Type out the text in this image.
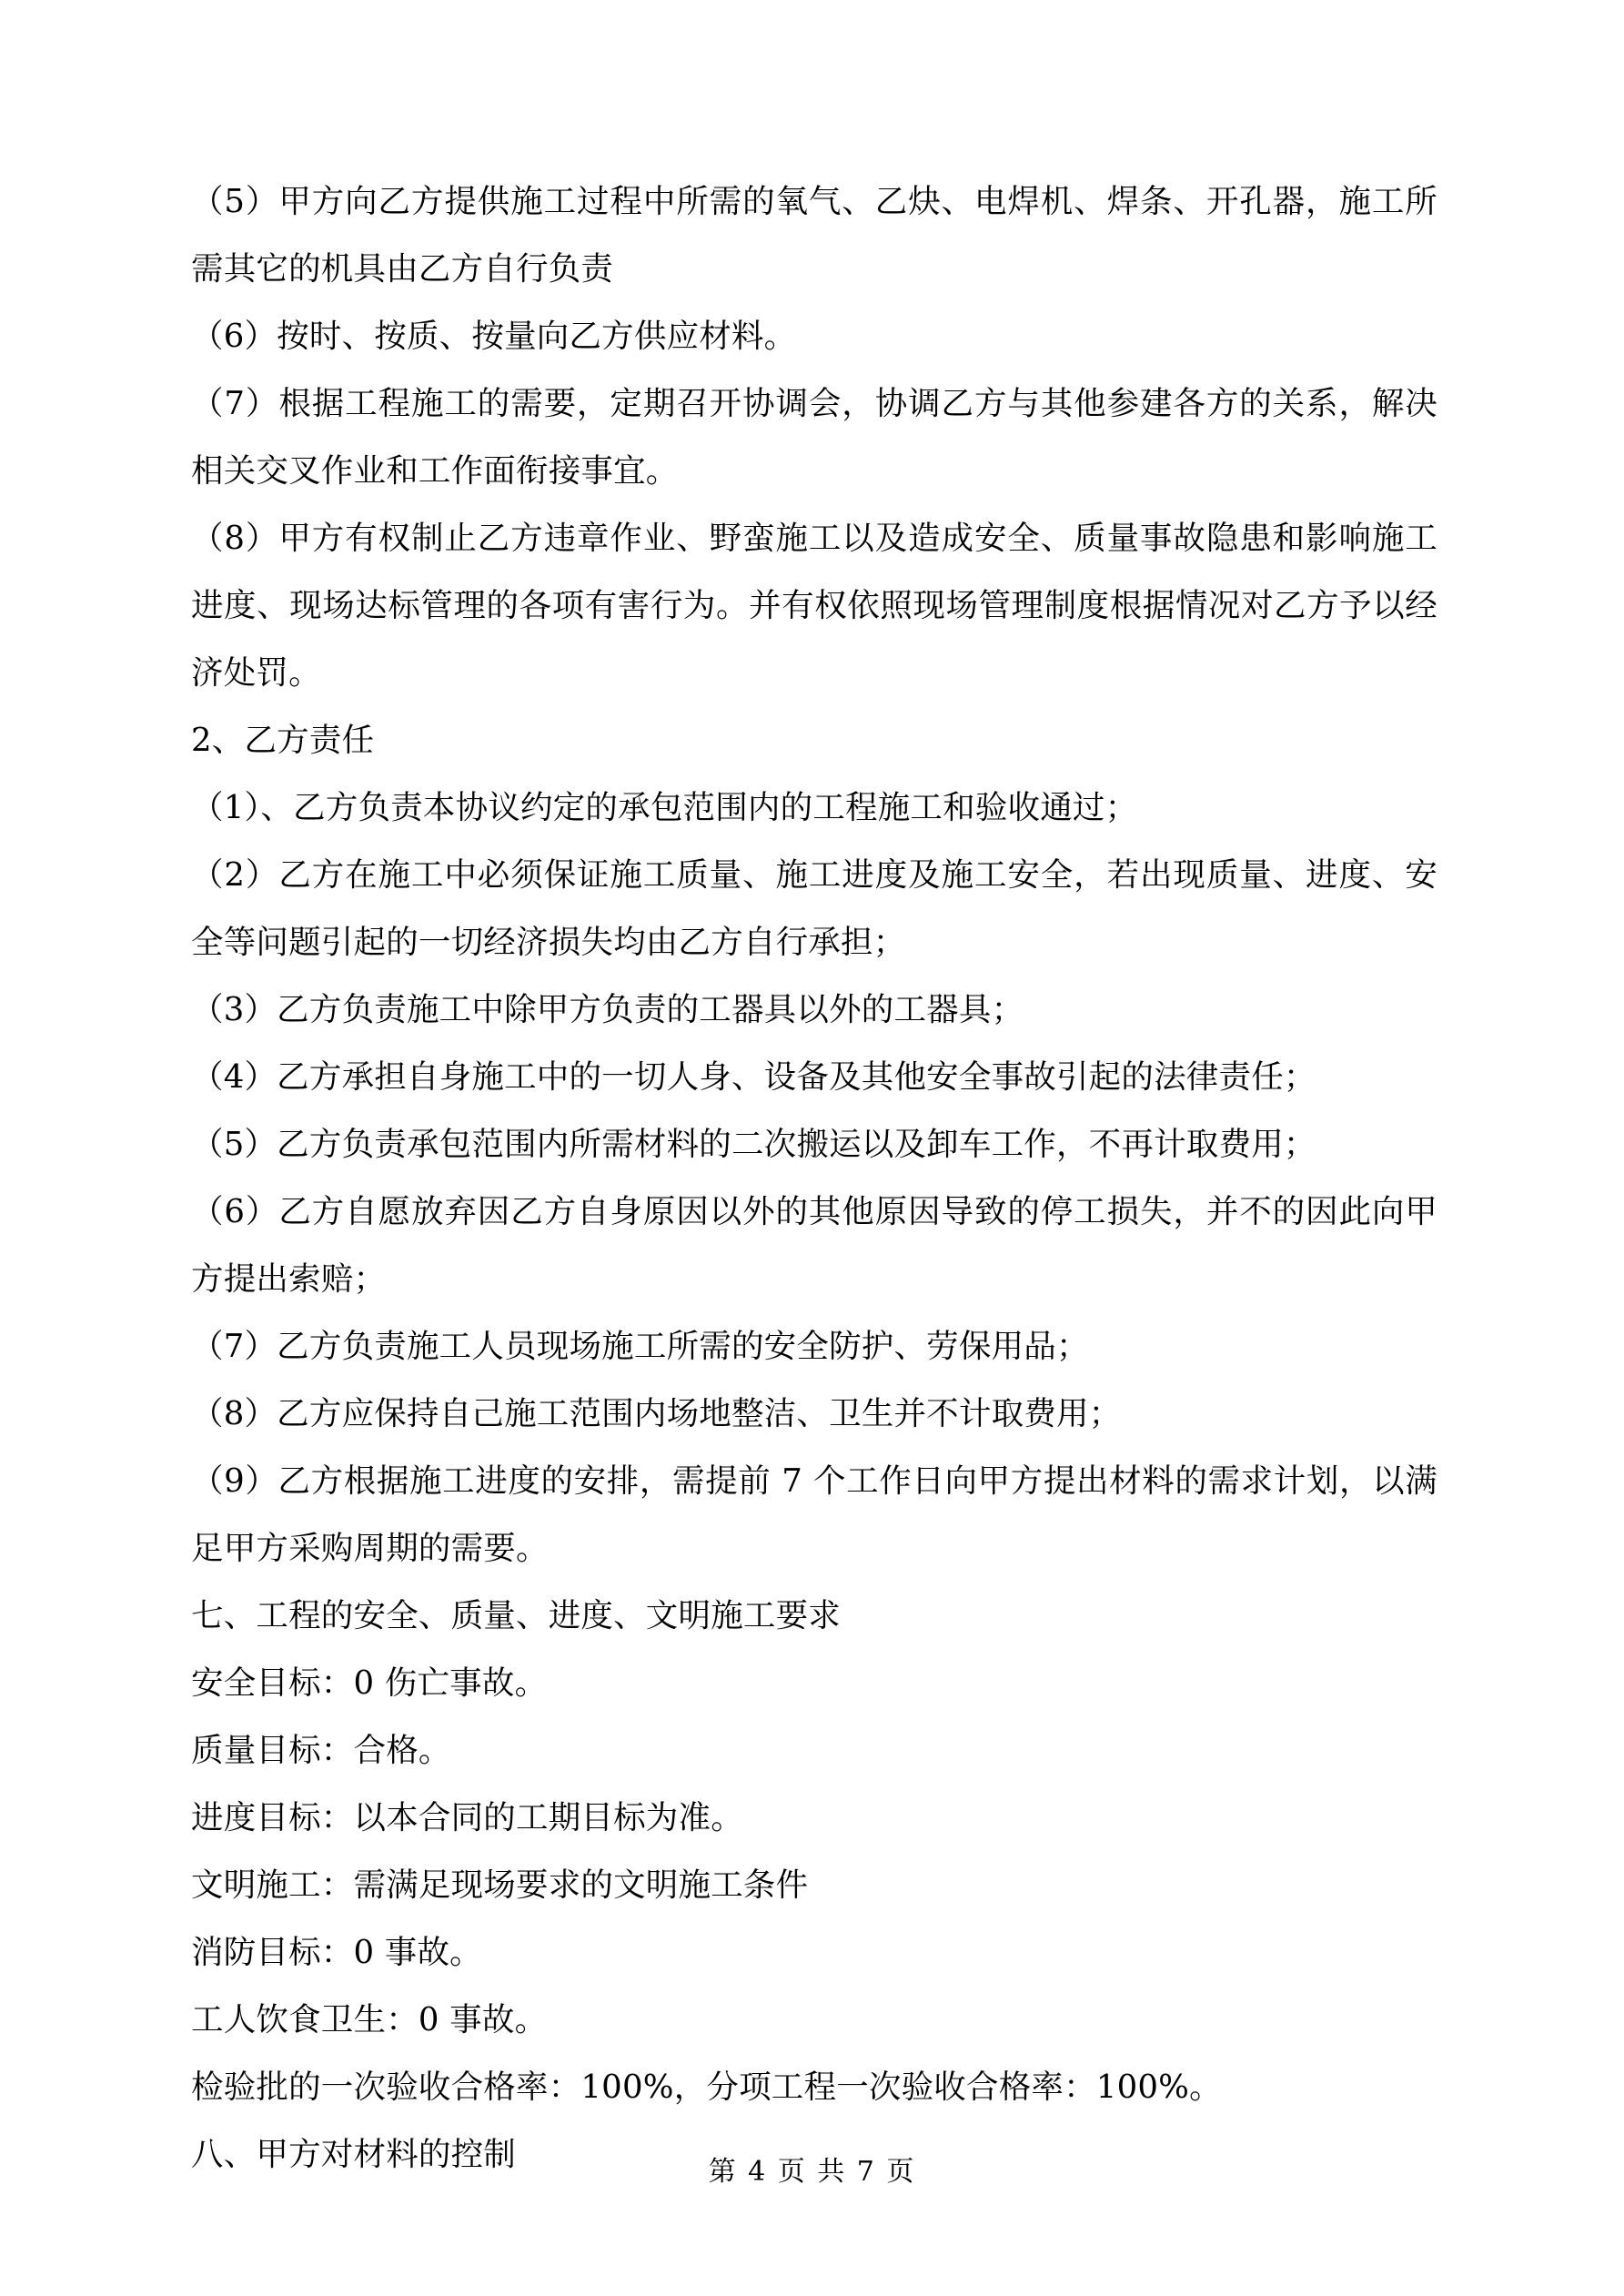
（5）甲方向乙方提供施工过程中所需的氧气、乙炔、电焊机、焊条、开孔器，施工所需其它的机具由乙方自行负责

（6）按时、按质、按量向乙方供应材料。

（7）根据工程施工的需要，定期召开协调会，协调乙方与其他参建各方的关系，解决相关交叉作业和工作面衔接事宜。

（8）甲方有权制止乙方违章作业、野蛮施工以及造成安全、质量事故隐患和影响施工进度、现场达标管理的各项有害行为。并有权依照现场管理制度根据情况对乙方予以经济处罚。

2、乙方责任

（1）、乙方负责本协议约定的承包范围内的工程施工和验收通过；

（2）乙方在施工中必须保证施工质量、施工进度及施工安全，若出现质量、进度、安全等问题引起的一切经济损失均由乙方自行承担；

（3）乙方负责施工中除甲方负责的工器具以外的工器具；

（4）乙方承担自身施工中的一切人身、设备及其他安全事故引起的法律责任；

（5）乙方负责承包范围内所需材料的二次搬运以及卸车工作，不再计取费用；

（6）乙方自愿放弃因乙方自身原因以外的其他原因导致的停工损失，并不的因此向甲方提出索赔；

（7）乙方负责施工人员现场施工所需的安全防护、劳保用品；

（8）乙方应保持自己施工范围内场地整洁、卫生并不计取费用；

（9）乙方根据施工进度的安排，需提前 7 个工作日向甲方提出材料的需求计划，以满足甲方采购周期的需要。

七、工程的安全、质量、进度、文明施工要求

安全目标：0 伤亡事故。

质量目标：合格。

进度目标：以本合同的工期目标为准。

文明施工：需满足现场要求的文明施工条件

消防目标：0 事故。

工人饮食卫生：0 事故。

检验批的一次验收合格率：100%，分项工程一次验收合格率：100%。

八、甲方对材料的控制	第 4 页 共 7 页
